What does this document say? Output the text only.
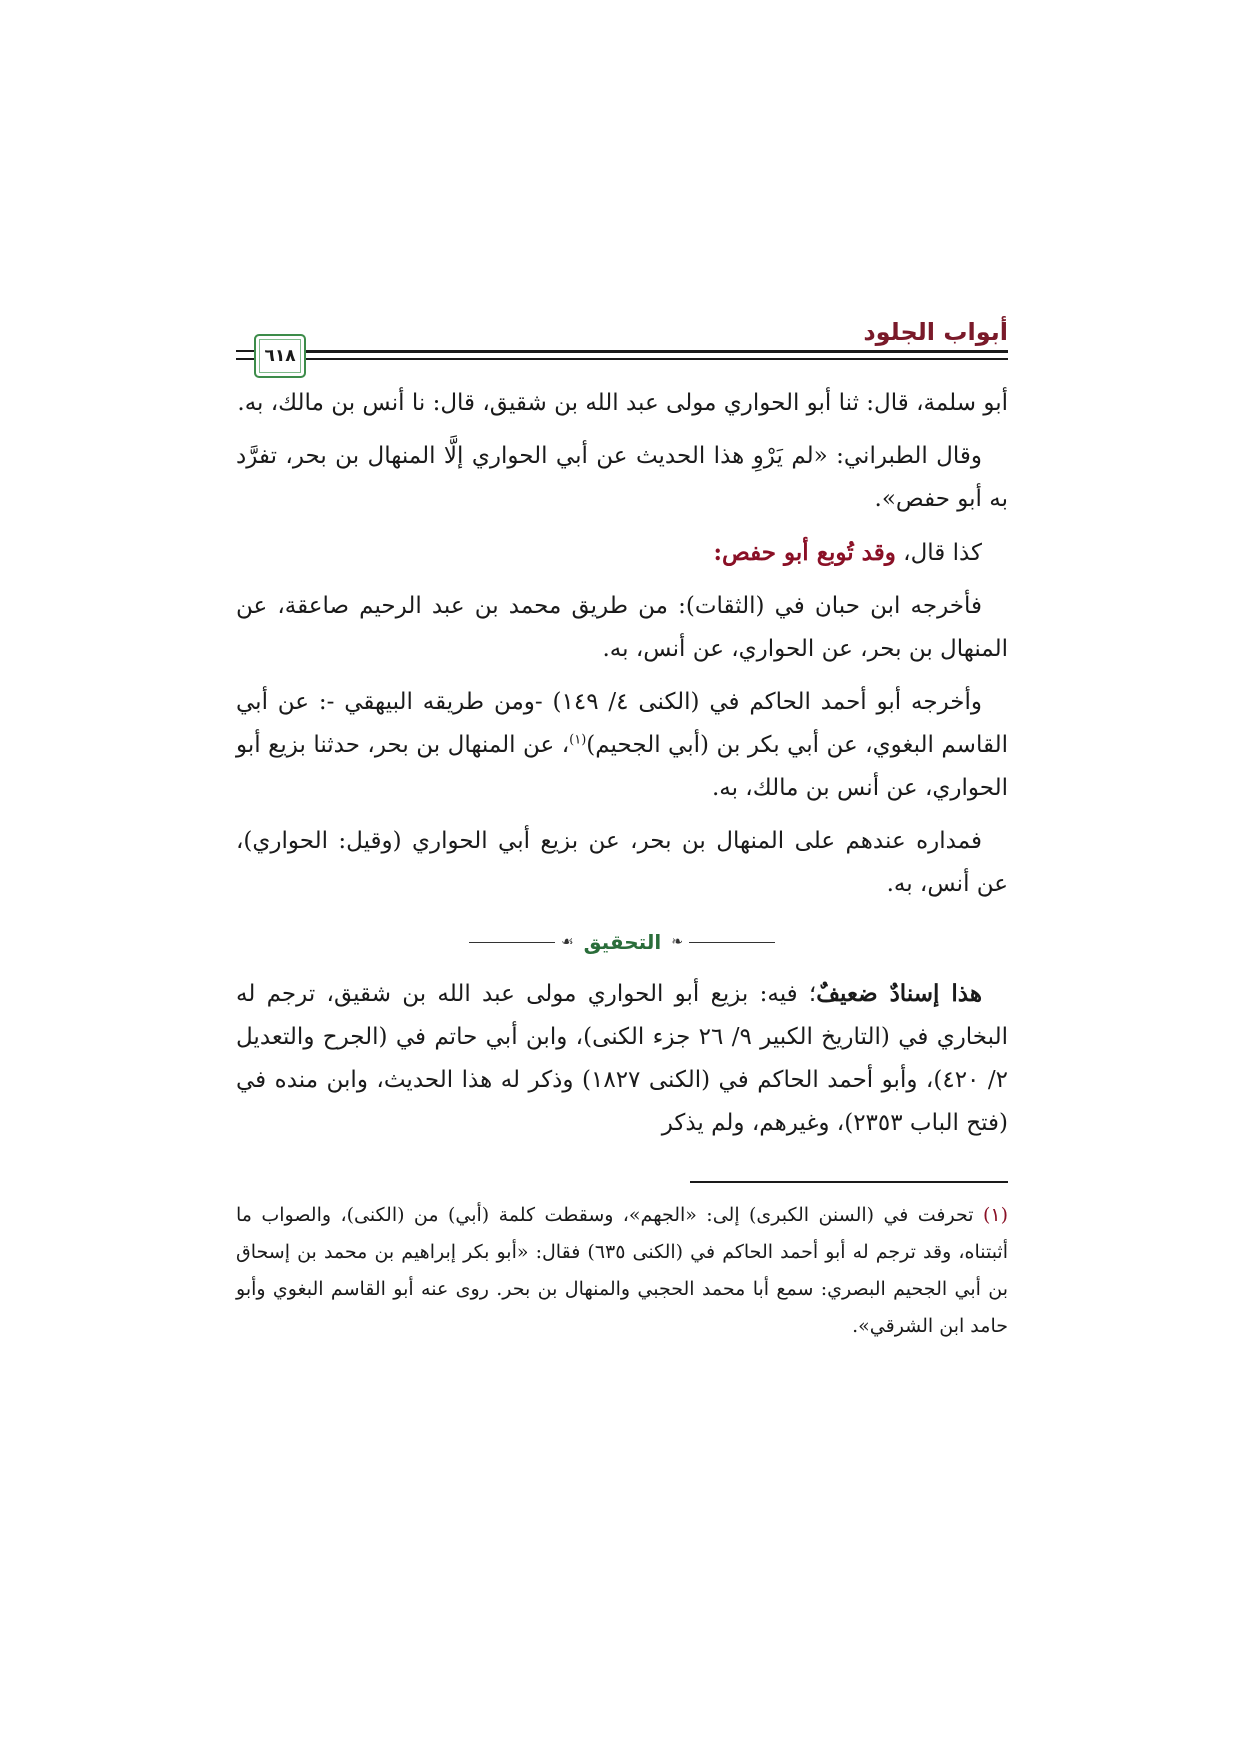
أبواب الجلود
٦١٨

أبو سلمة، قال: ثنا أبو الحواري مولى عبد الله بن شقيق، قال: نا أنس بن مالك، به.

وقال الطبراني: «لم يَرْوِ هذا الحديث عن أبي الحواري إلَّا المنهال بن بحر، تفرَّد به أبو حفص».

كذا قال، وقد تُوبع أبو حفص:

فأخرجه ابن حبان في (الثقات): من طريق محمد بن عبد الرحيم صاعقة، عن المنهال بن بحر، عن الحواري، عن أنس، به.

وأخرجه أبو أحمد الحاكم في (الكنى ٤/ ١٤٩) -ومن طريقه البيهقي -: عن أبي القاسم البغوي، عن أبي بكر بن (أبي الجحيم)$^{(١)}$، عن المنهال بن بحر، حدثنا بزيع أبو الحواري، عن أنس بن مالك، به.

فمداره عندهم على المنهال بن بحر، عن بزيع أبي الحواري (وقيل: الحواري)، عن أنس، به.

❧
التحقيق
☙

هذا إسنادٌ ضعيفٌ؛ فيه: بزيع أبو الحواري مولى عبد الله بن شقيق، ترجم له البخاري في (التاريخ الكبير ٩/ ٢٦ جزء الكنى)، وابن أبي حاتم في (الجرح والتعديل ٢/ ٤٢٠)، وأبو أحمد الحاكم في (الكنى ١٨٢٧) وذكر له هذا الحديث، وابن منده في (فتح الباب ٢٣٥٣)، وغيرهم، ولم يذكر

(١) تحرفت في (السنن الكبرى) إلى: «الجهم»، وسقطت كلمة (أبي) من (الكنى)، والصواب ما أثبتناه، وقد ترجم له أبو أحمد الحاكم في (الكنى ٦٣٥) فقال: «أبو بكر إبراهيم بن محمد بن إسحاق بن أبي الجحيم البصري: سمع أبا محمد الحجبي والمنهال بن بحر. روى عنه أبو القاسم البغوي وأبو حامد ابن الشرقي».
